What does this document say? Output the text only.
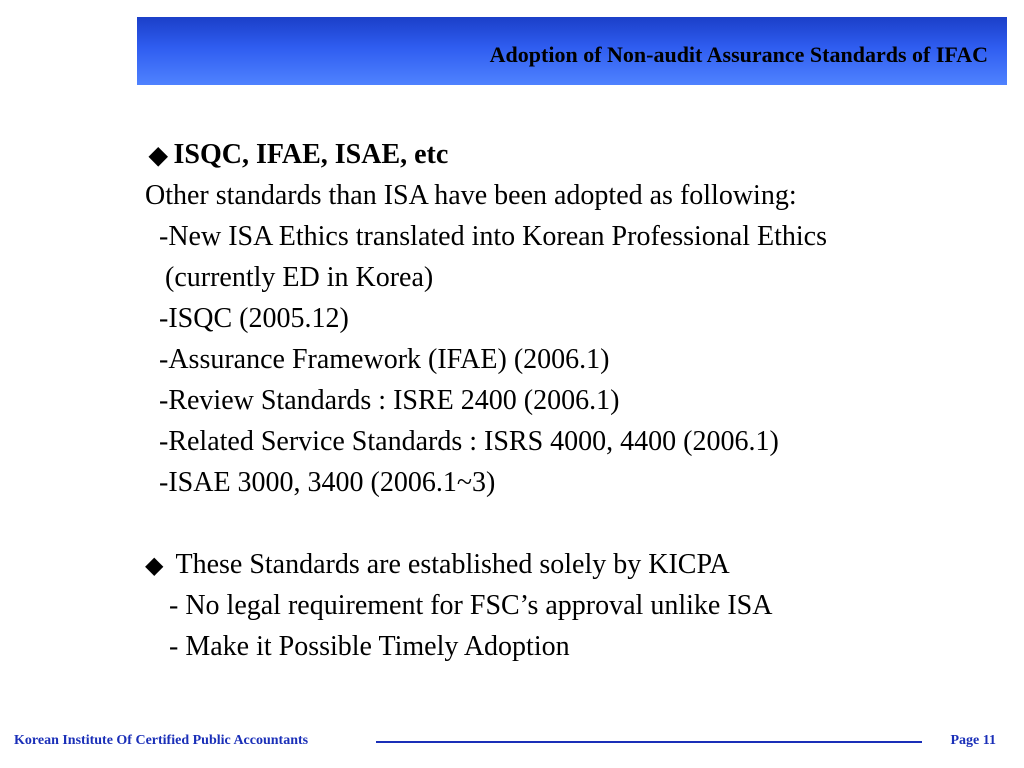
Adoption of Non-audit Assurance Standards of IFAC
◆ ISQC, IFAE, ISAE, etc
Other standards than ISA have been adopted as following:
-New ISA Ethics translated into Korean Professional Ethics
(currently ED in Korea)
-ISQC (2005.12)
-Assurance Framework (IFAE) (2006.1)
-Review Standards : ISRE 2400 (2006.1)
-Related Service Standards : ISRS 4000, 4400 (2006.1)
-ISAE 3000, 3400 (2006.1~3)
◆ These Standards are established solely by KICPA
- No legal requirement for FSC’s approval unlike ISA
- Make it Possible Timely Adoption
Korean Institute Of Certified Public Accountants	Page 11
